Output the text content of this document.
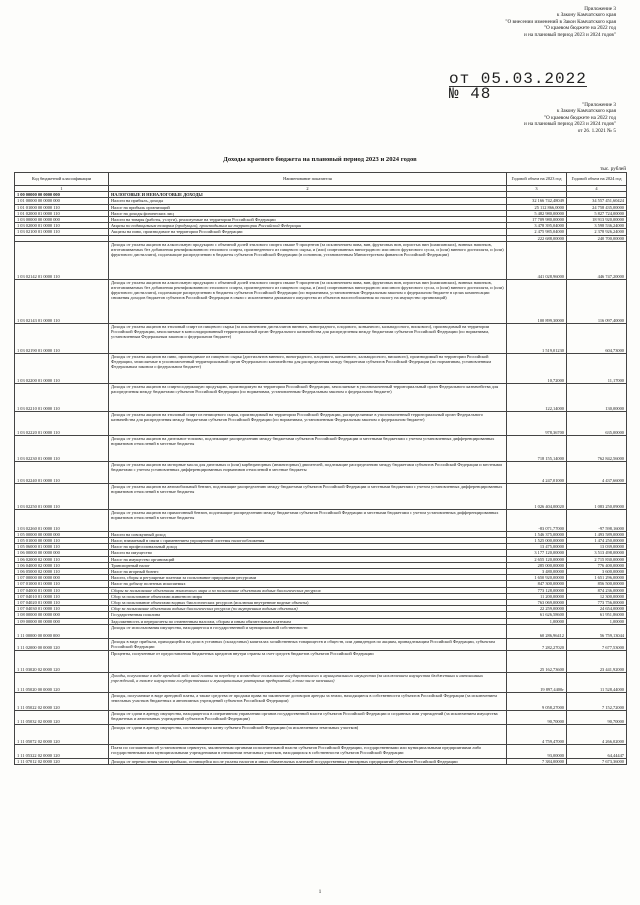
Приложение 3
к Закону Камчатского края
"О внесении изменений в Закон Камчатского края
"О краевом бюджете на 2022 год
и на плановый период 2023 и 2024 годов"
от 05.03.2022
№ 48
"Приложение 3
к Закону Камчатского края
"О краевом бюджете на 2022 год
и на плановый период 2023 и 2024 годов"
от 26. 1.2021 № 5
Доходы краевого бюджета на плановый период 2023 и 2024 годов
тыс. рублей
Код бюджетной классификации	Наименование показателя	Годовой объем на 2023 год	Годовой объем на 2024 год
1	2	3	4
1 00 00000 00 0000 000	НАЛОГОВЫЕ И НЕНАЛОГОВЫЕ ДОХОДЫ		
1 01 00000 00 0000 000	Налоги на прибыль, доходы	32 166 742,48049	34 557 451,60424
1 01 01000 00 0000 110	Налог на прибыль организаций	25 112 866,0000	24 758 435,00000
1 01 02000 01 0000 110	Налог на доходы физических лиц	5 482 980,00000	5 827 724,00000
1 03 00000 00 0000 000	Налоги на товары (работы, услуги), реализуемые на территории Российской Федерации	17 709 980,00000	18 913 920,00000
1 03 02000 01 0000 110	Акцизы по подакцизным товарам (продукции), производимым на территории Российской Федерации	3 478 395,04000	3 598 536,24000
1 03 02100 01 0000 110	Акцизы на пиво, производимое на территории Российской Федерации	2 475 985,04000	2 378 926,24000
		222 688,00000	240 700,00000
1 03 02142 01 0000 110	Доходы от уплаты акцизов на алкогольную продукцию с объемной долей этилового спирта свыше 9 процентов (за исключением пива, вин, фруктовых вин, игристых вин (шампанских), винных напитков, изготавливаемых без добавления ректификованного этилового спирта, произведенного из пищевого сырья, и (или) спиртованных виноградного или иного фруктового сусла, и (или) винного дистиллята, и (или) фруктового дистиллята), подлежащие распределению в бюджеты субъектов Российской Федерации (в основном, установленным Министерством финансов Российской Федерации)	441 028,96000	446 747,20000
1 03 02143 01 0000 110	Доходы от уплаты акцизов на алкогольную продукцию с объемной долей этилового спирта свыше 9 процентов (за исключением пива, вин, фруктовых вин, игристых вин (шампанских), винных напитков, изготавливаемых без добавления ректификованного этилового спирта, произведенного из пищевого сырья, и (или) спиртованных виноградного или иного фруктового сусла, и (или) винного дистиллята, и (или) фруктового дистиллята), подлежащие распределению в бюджеты субъектов Российской Федерации (по нормативам, установленным Федеральным законом о федеральном бюджете в целях компенсации снижения доходов бюджетов субъектов Российской Федерации в связи с исключением движимого имущества из объектов налогообложения по налогу на имущество организаций)	100 899,30000	116 097,40000
1 03 02190 01 0000 110	Доходы от уплаты акцизов на этиловый спирт из пищевого сырья (за исключением дистиллятов винного, виноградного, плодового, коньячного, кальвадосного, вискового), производимый на территории Российской Федерации, зачисляемые в консолидированный территориальный орган Федерального казначейства для распределения между бюджетами субъектов Российской Федерации (по нормативам, установленным Федеральным законом о федеральном бюджете)	1 519,01230	604,73000
1 03 02200 01 0000 110	Доходы от уплаты акцизов на пиво, производимое из пищевого сырья (дистиллятов винного, виноградного, плодового, коньячного, кальвадосного, вискового), производимый на территории Российской Федерации, зачисляемые в уполномоченный территориальный орган Федерального казначейства для распределения между бюджетами субъектов Российской Федерации (по нормативам, установленным Федеральным законом о федеральном бюджете)	10,72000	11,17000
1 03 02210 01 0000 110	Доходы от уплаты акцизов на спиртосодержащую продукцию, производимую на территории Российской Федерации, зачисляемые в уполномоченный территориальный орган Федерального казначейства для распределения между бюджетами субъектов Российской Федерации (по нормативам, установленным Федеральным законом о федеральном бюджете)	122,14000	130,00000
1 03 02220 01 0000 110	Доходы от уплаты акцизов на этиловый спирт из непищевого сырья, производимый на территории Российской Федерации, распределяемые в уполномоченный территориальный орган Федерального казначейства для распределения между бюджетами субъектов Российской Федерации (по нормативам, установленным Федеральным законом о федеральном бюджете)	978,36700	635,00000
1 03 02230 01 0000 110	Доходы от уплаты акцизов на дизельное топливо, подлежащие распределению между бюджетами субъектов Российской Федерации и местными бюджетами с учетом установленных дифференцированных нормативов отчислений в местные бюджеты	718 155,14000	762 842,56000
1 03 02240 01 0000 110	Доходы от уплаты акцизов на моторные масла для дизельных и (или) карбюраторных (инжекторных) двигателей, подлежащие распределению между бюджетами субъектов Российской Федерации и местными бюджетами с учетом установленных дифференцированных нормативов отчислений в местные бюджеты	4 247,01000	4 437,66000
1 03 02250 01 0000 110	Доходы от уплаты акцизов на автомобильный бензин, подлежащие распределению между бюджетами субъектов Российской Федерации и местными бюджетами с учетом установленных дифференцированных нормативов отчислений в местные бюджеты	1 026 404,00020	1 083 250,09000
1 03 02260 01 0000 110	Доходы от уплаты акцизов на прямогонный бензин, подлежащие распределению между бюджетами субъектов Российской Федерации и местными бюджетами с учетом установленных дифференцированных нормативов отчислений в местные бюджеты	-83 071,77000	-97 598,16000
1 05 00000 00 0000 000	Налоги на совокупный доход	1 546 375,00000	1 493 589,00000
1 05 01000 00 0000 110	Налог, взимаемый в связи с применением упрощенной системы налогообложения	1 525 000,00000	1 474 250,00000
1 05 06000 01 0000 110	Налог на профессиональный доход	13 475,00000	13 039,00000
1 06 00000 00 0000 000	Налоги на имущество	3 177 120,00000	3 513 498,00000
1 06 02000 02 0000 110	Налог на имущество организаций	2 655 120,00000	2 715 830,00000
1 06 04000 02 0000 110	Транспортный налог	285 000,00000	776 400,00000
1 06 05000 02 0000 110	Налог на игорный бизнес	3 480,00000	3 600,00000
1 07 00000 00 0000 000	Налоги, сборы и регулярные платежи за пользование природными ресурсами	1 650 920,00000	1 651 296,00000
1 07 01000 01 0000 110	Налог на добычу полезных ископаемых	847 300,00000	856 500,00000
1 07 04000 01 0000 110	Сборы за пользование объектами животного мира и за пользование объектами водных биологических ресурсов	773 128,00000	874 236,00000
1 07 04010 01 0000 110	Сбор за пользование объектами животного мира	11 200,00000	12 300,00000
1 07 04020 01 0000 110	Сбор за пользование объектами водных биологических ресурсов (исключая внутренние водные объекты)	763 069,00000	773 756,00000
1 07 04030 01 0000 110	Сбор за пользование объектами водных биологических ресурсов (по внутренним водным объектам)	22 259,00000	24 654,00000
1 08 00000 00 0000 000	Государственная пошлина	61 626,58600	61 951,86000
1 09 00000 00 0000 000	Задолженность и перерасчеты по отмененным налогам, сборам и иным обязательным платежам	1,00000	1,00000
1 11 00000 00 0000 000	Доходы от использования имущества, находящегося в государственной и муниципальной собственности	60 286,96412	56 759,13044
1 11 02000 00 0000 120	Доходы в виде прибыли, приходящейся на доли в уставных (складочных) капиталах хозяйственных товариществ и обществ, или дивидендов по акциям, принадлежащим Российской Федерации, субъектам Российской Федерации	7 282,27020	7 677,53000
1 11 03020 02 0000 120	Проценты, полученные от предоставления бюджетных кредитов внутри страны за счет средств бюджетов субъектов Российской Федерации	25 162,73600	23 441,92000
1 11 05020 00 0000 120	Доходы, получаемые в виде арендной либо иной платы за передачу в возмездное пользование государственного и муниципального имущества (за исключением имущества бюджетных и автономных учреждений, а также имущества государственных и муниципальных унитарных предприятий, в том числе казенных)	19 897,4400г	11 528,44000
1 11 05022 02 0000 120	Доходы, получаемые в виде арендной платы, а также средства от продажи права на заключение договоров аренды за земли, находящиеся в собственности субъектов Российской Федерации (за исключением земельных участков бюджетных и автономных учреждений субъектов Российской Федерации)	9 058,27000	7 152,72000
1 11 05032 02 0000 120	Доходы от сдачи в аренду имущества, находящегося в оперативном управлении органов государственной власти субъектов Российской Федерации и созданных ими учреждений (за исключением имущества бюджетных и автономных учреждений субъектов Российской Федерации)	90,70000	90,70000
1 11 05072 02 0000 120	Доходы от сдачи в аренду имущества, составляющего казну субъекта Российской Федерации (за исключением земельных участков)	4 759,47000	4 266,02000
1 11 05322 02 0000 120	Плата по соглашениям об установлении сервитута, заключенным органами исполнительной власти субъектов Российской Федерации, государственными или муниципальными предприятиями либо государственными или муниципальными учреждениями в отношении земельных участков, находящихся в собственности субъектов Российской Федерации	93,00000	64,44447
1 11 07012 02 0000 120	Доходы от перечисления части прибыли, остающейся после уплаты налогов и иных обязательных платежей государственных унитарных предприятий субъектов Российской Федерации	7 384,00000	7 673,36000
1
